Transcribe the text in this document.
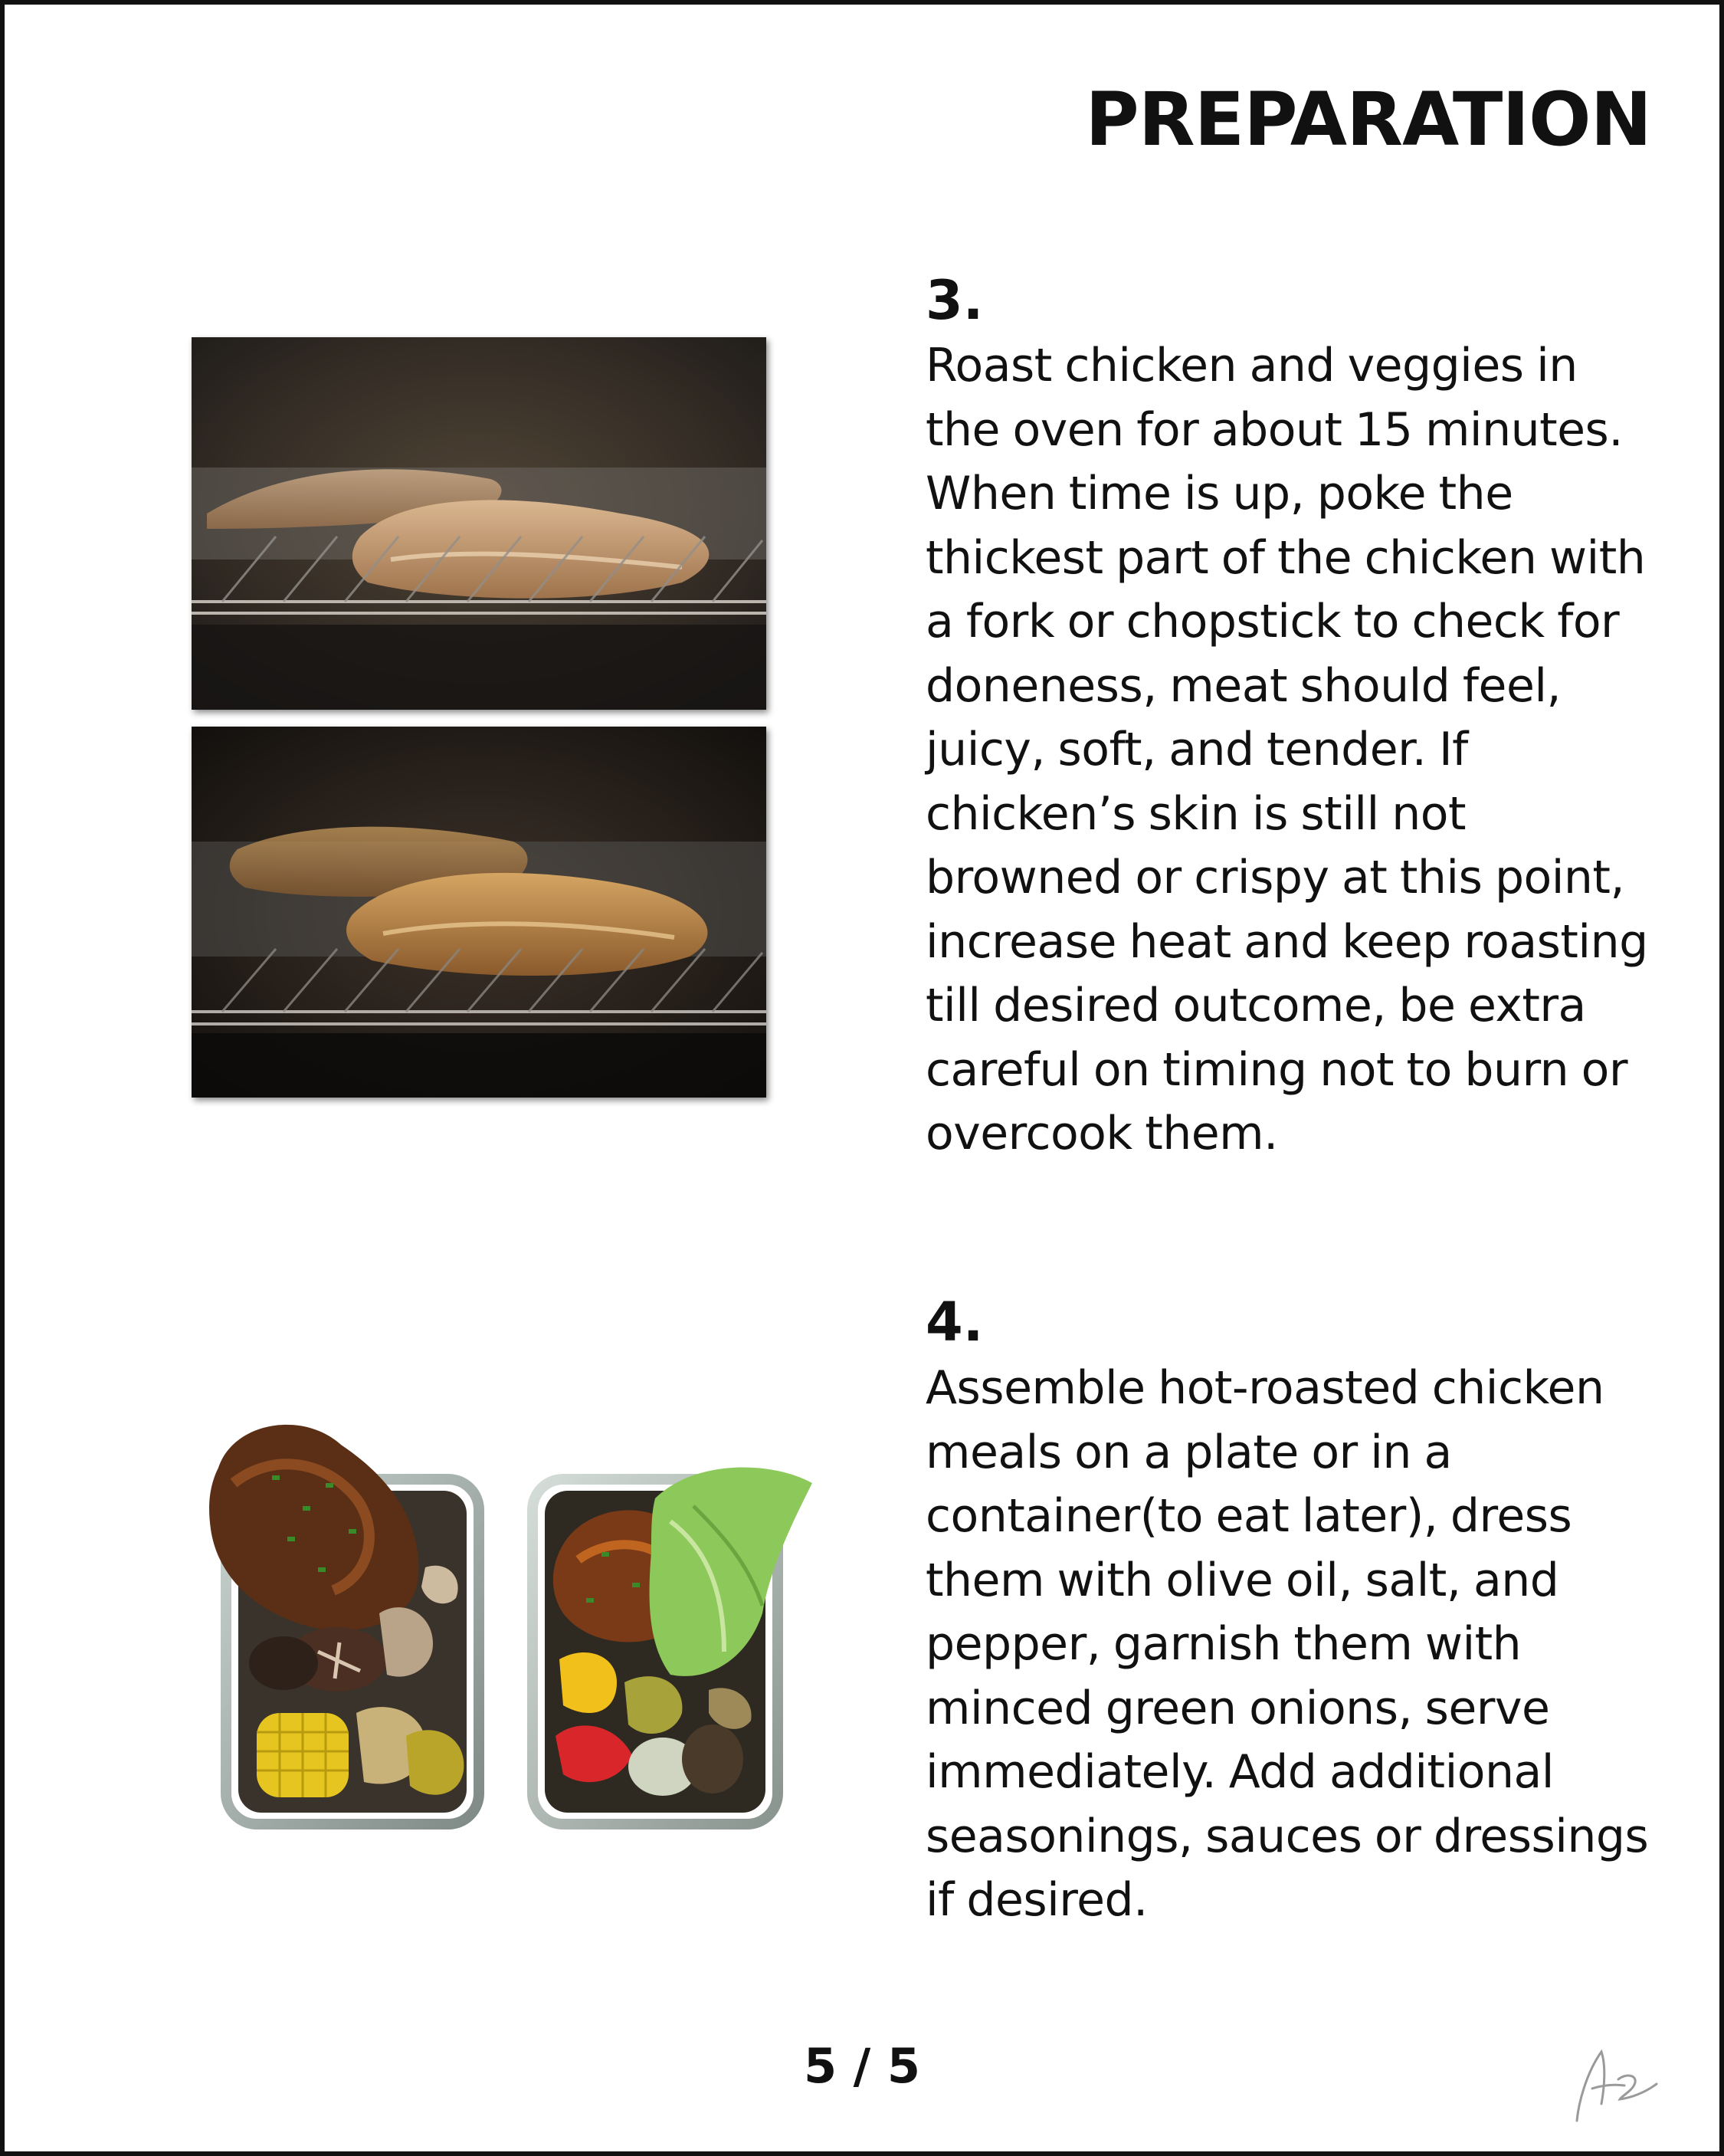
PREPARATION
3.

Roast chicken and veggies in the oven for about 15 minutes. When time is up, poke the thickest part of the chicken with a fork or chopstick to check for doneness, meat should feel, juicy, soft, and tender. If chicken’s skin is still not browned or crispy at this point, increase heat and keep roasting till desired outcome, be extra careful on timing not to burn or overcook them.

4.

Assemble hot-roasted chicken meals on a plate or in a container(to eat later), dress them with olive oil, salt, and pepper, garnish them with minced green onions, serve immediately. Add additional seasonings, sauces or dressings if desired.

5 / 5
